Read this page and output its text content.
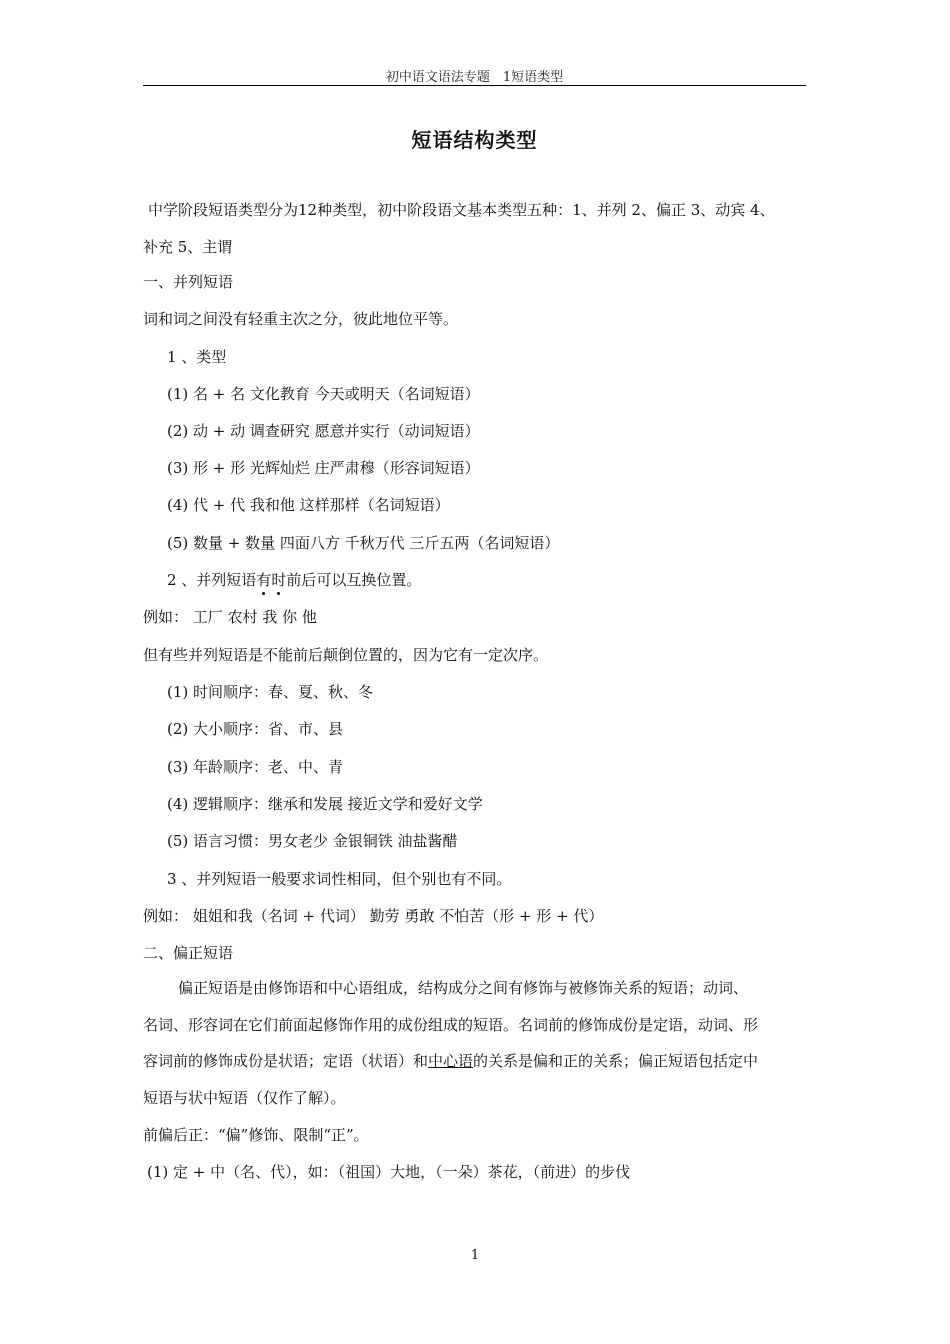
初中语文语法专题　1短语类型
短语结构类型
中学阶段短语类型分为12种类型，初中阶段语文基本类型五种：1、并列 2、偏正 3、动宾 4、
补充 5、主谓
一、并列短语
词和词之间没有轻重主次之分，彼此地位平等。
1 、类型
(1) 名 + 名 文化教育 今天或明天（名词短语）
(2) 动 + 动 调查研究 愿意并实行（动词短语）
(3) 形 + 形 光辉灿烂 庄严肃穆（形容词短语）
(4) 代 + 代 我和他 这样那样（名词短语）
(5) 数量 + 数量 四面八方 千秋万代 三斤五两（名词短语）
2 、并列短语有时前后可以互换位置。
例如： 工厂 农村 我 你 他
但有些并列短语是不能前后颠倒位置的，因为它有一定次序。
(1) 时间顺序：春、夏、秋、冬
(2) 大小顺序：省、市、县
(3) 年龄顺序：老、中、青
(4) 逻辑顺序：继承和发展 接近文学和爱好文学
(5) 语言习惯：男女老少 金银铜铁 油盐酱醋
3 、并列短语一般要求词性相同，但个别也有不同。
例如： 姐姐和我（名词 + 代词） 勤劳 勇敢 不怕苦（形 + 形 + 代）
二、偏正短语
偏正短语是由修饰语和中心语组成，结构成分之间有修饰与被修饰关系的短语；动词、
名词、形容词在它们前面起修饰作用的成份组成的短语。名词前的修饰成份是定语，动词、形
容词前的修饰成份是状语；定语（状语）和中心语的关系是偏和正的关系；偏正短语包括定中
短语与状中短语（仅作了解）。
前偏后正：“偏”修饰、限制“正”。
(1) 定 + 中（名、代），如：（祖国）大地，（一朵）茶花，（前进）的步伐
1
